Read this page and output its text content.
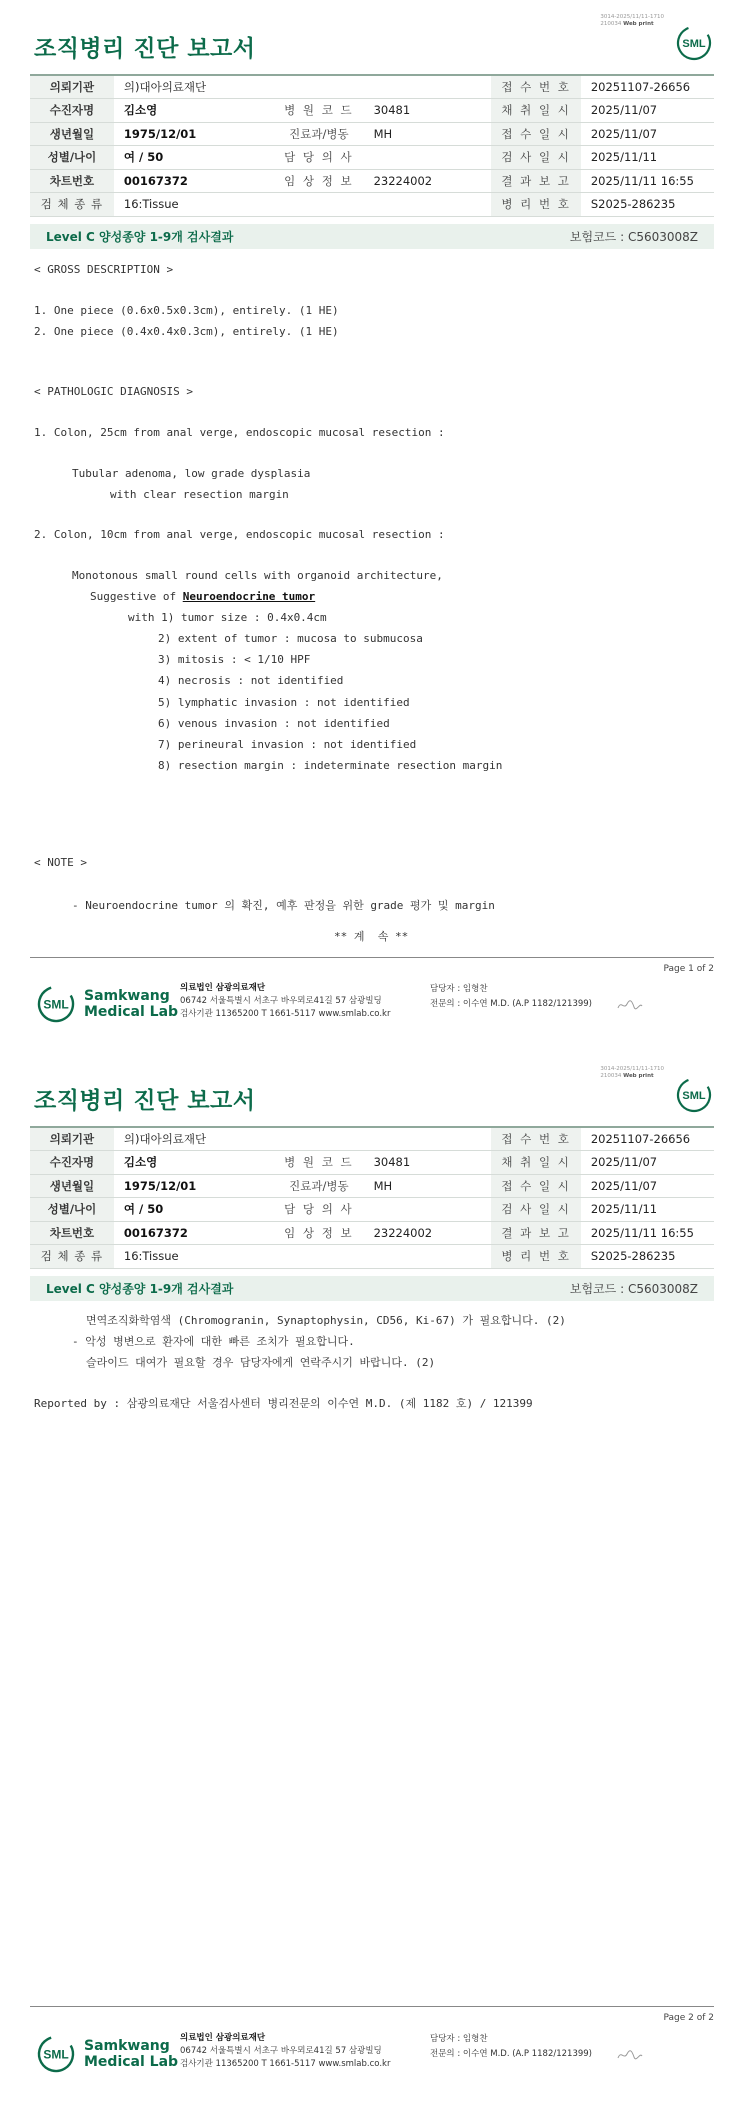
3014-2025/11/11-1710
210034 Web print
조직병리 진단 보고서	SML
의뢰기관	의)대아의료재단			접 수 번 호	20251107-26656
수진자명	김소영	병 원 코 드	30481	채 취 일 시	2025/11/07
생년월일	1975/12/01	진료과/병동	MH	접 수 일 시	2025/11/07
성별/나이	여 / 50	담 당 의 사		검 사 일 시	2025/11/11
차트번호	00167372	임 상 정 보	23224002	결 과 보 고	2025/11/11 16:55
검 체 종 류	16:Tissue			병 리 번 호	S2025-286235
Level C 양성종양 1-9개 검사결과	보험코드 : C5603008Z
< GROSS DESCRIPTION >
1. One piece (0.6x0.5x0.3cm), entirely. (1 HE)
2. One piece (0.4x0.4x0.3cm), entirely. (1 HE)
< PATHOLOGIC DIAGNOSIS >
1. Colon, 25cm from anal verge, endoscopic mucosal resection :
Tubular adenoma, low grade dysplasia
with clear resection margin
2. Colon, 10cm from anal verge, endoscopic mucosal resection :
Monotonous small round cells with organoid architecture,
Suggestive of Neuroendocrine tumor
with 1) tumor size : 0.4x0.4cm
2) extent of tumor : mucosa to submucosa
3) mitosis : < 1/10 HPF
4) necrosis : not identified
5) lymphatic invasion : not identified
6) venous invasion : not identified
7) perineural invasion : not identified
8) resection margin : indeterminate resection margin
< NOTE >
- Neuroendocrine tumor 의 확진, 예후 판정을 위한 grade 평가 및 margin
** 계  속 **
Page 1 of 2
SML
Samkwang
Medical Lab
의료법인 삼광의료재단
06742 서울특별시 서초구 바우뫼로41길 57 삼광빌딩
검사기관 11365200 T 1661-5117 www.smlab.co.kr
담당자 : 임형찬
전문의 : 이수연 M.D. (A.P 1182/121399)
3014-2025/11/11-1710
210034 Web print
조직병리 진단 보고서	SML
의뢰기관	의)대아의료재단			접 수 번 호	20251107-26656
수진자명	김소영	병 원 코 드	30481	채 취 일 시	2025/11/07
생년월일	1975/12/01	진료과/병동	MH	접 수 일 시	2025/11/07
성별/나이	여 / 50	담 당 의 사		검 사 일 시	2025/11/11
차트번호	00167372	임 상 정 보	23224002	결 과 보 고	2025/11/11 16:55
검 체 종 류	16:Tissue			병 리 번 호	S2025-286235
Level C 양성종양 1-9개 검사결과	보험코드 : C5603008Z
면역조직화학염색 (Chromogranin, Synaptophysin, CD56, Ki-67) 가 필요합니다. (2)
- 악성 병변으로 환자에 대한 빠른 조치가 필요합니다.
슬라이드 대여가 필요할 경우 담당자에게 연락주시기 바랍니다. (2)
Reported by : 삼광의료재단 서울검사센터 병리전문의 이수연 M.D. (제 1182 호) / 121399
Page 2 of 2
SML
Samkwang
Medical Lab
의료법인 삼광의료재단
06742 서울특별시 서초구 바우뫼로41길 57 삼광빌딩
검사기관 11365200 T 1661-5117 www.smlab.co.kr
담당자 : 임형찬
전문의 : 이수연 M.D. (A.P 1182/121399)
